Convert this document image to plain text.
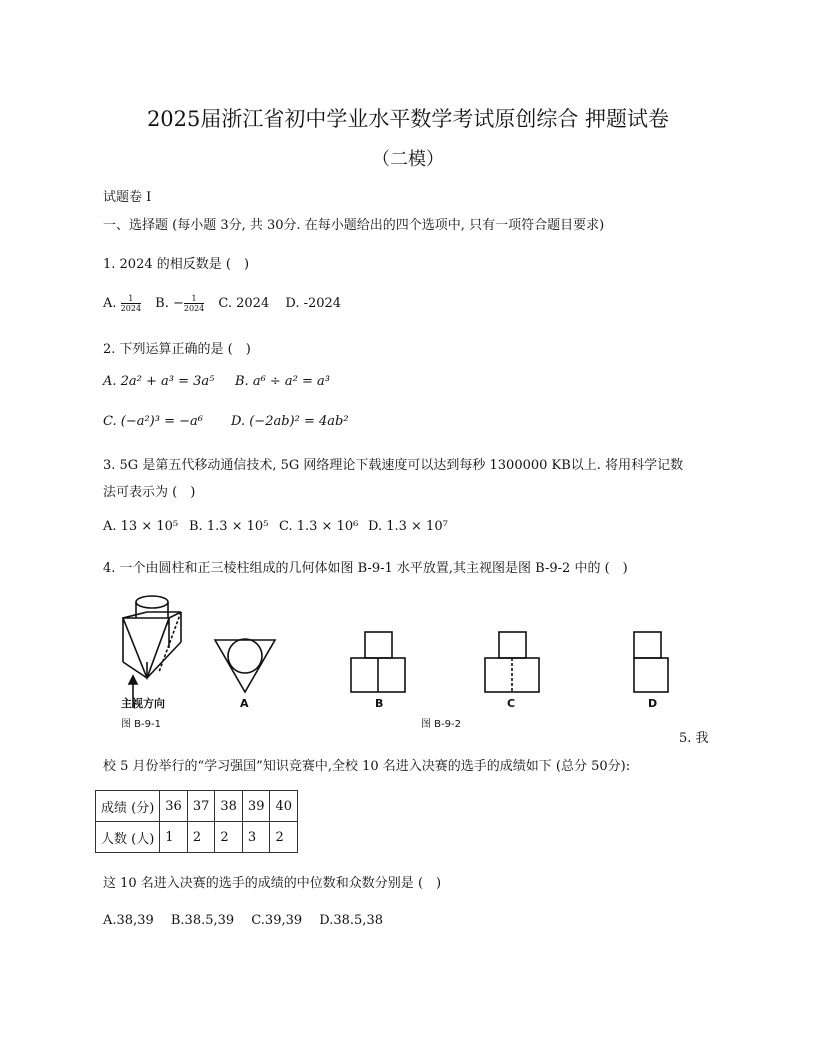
2025届浙江省初中学业水平数学考试原创综合 押题试卷
（二模）
试题卷 I
一、选择题 (每小题 3分, 共 30分. 在每小题给出的四个选项中, 只有一项符合题目要求)
1. 2024 的相反数是 (　)
A. $\frac{1}{2024} B$. − $\frac{1}{2024} C$. 2024 D. -2024
2. 下列运算正确的是 (　)
A. 2a² + a³ = 3a⁵ B. a⁶ ÷ a² = a³
C. (−a²)³ = −a⁶ D. (−2ab)² = 4ab²
3. 5G 是第五代移动通信技术, 5G 网络理论下载速度可以达到每秒 1300000 KB以上. 将用科学记数
法可表示为 (　)
A. 13 × 10⁵ B. 1.3 × 10⁵ C. 1.3 × 10⁶ D. 1.3 × 10⁷
4. 一个由圆柱和正三棱柱组成的几何体如图 B-9-1 水平放置,其主视图是图 B-9-2 中的 (　)
主视方向
图 B-9-1
A	B	C	D
图 B-9-2
5. 我
校 5 月份举行的“学习强国”知识竞赛中,全校 10 名进入决赛的选手的成绩如下 (总分 50分):
成绩 (分)	36	37	38	39	40
人数 (人)	1	2	2	3	2
这 10 名进入决赛的选手的成绩的中位数和众数分别是 (　)
A.38,39　 B.38.5,39　 C.39,39　 D.38.5,38
